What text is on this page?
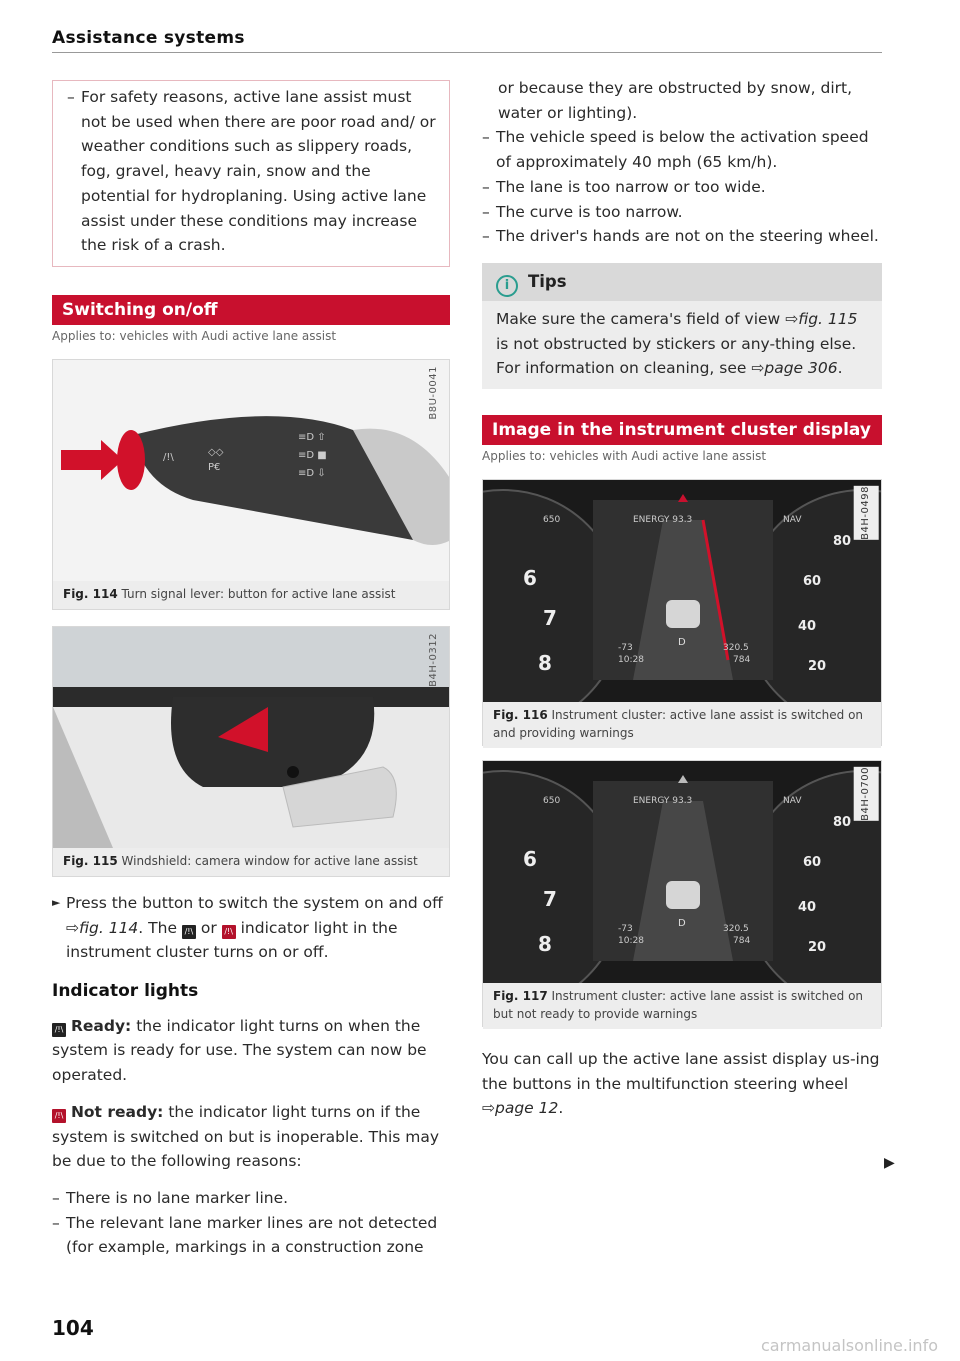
Assistance systems
– For safety reasons, active lane assist must not be used when there are poor road and/ or weather conditions such as slippery roads, fog, gravel, heavy rain, snow and the potential for hydroplaning. Using active lane assist under these conditions may increase the risk of a crash.
Switching on/off
Applies to: vehicles with Audi active lane assist
/!\	◇◇
P€
≡D ⇧
≡D ■
≡D ⇩
B8U-0041
Fig. 114 Turn signal lever: button for active lane assist
B4H-0312
Fig. 115 Windshield: camera window for active lane assist
► Press the button to switch the system on and off ⇨fig. 114. The /!\ or /!\ indicator light in the instrument cluster turns on or off.
Indicator lights

/!\ Ready: the indicator light turns on when the system is ready for use. The system can now be operated.

/!\ Not ready: the indicator light turns on if the system is switched on but is inoperable. This may be due to the following reasons:

– There is no lane marker line.
– The relevant lane marker lines are not detected (for example, markings in a construction zone
or because they are obstructed by snow, dirt, water or lighting).
– The vehicle speed is below the activation speed of approximately 40 mph (65 km/h).
– The lane is too narrow or too wide.
– The curve is too narrow.
– The driver's hands are not on the steering wheel.
i Tips
Make sure the camera's field of view ⇨fig. 115 is not obstructed by stickers or any-thing else. For information on cleaning, see ⇨page 306.
Image in the instrument cluster display
Applies to: vehicles with Audi active lane assist
650	ENERGY 93.3	NAV
-73
10:28
D	320.5
784
6
7
8
80
60
40
20
B4H-0498
Fig. 116 Instrument cluster: active lane assist is switched on and providing warnings
650	ENERGY 93.3	NAV
-73
10:28
D	320.5
784
6
7
8
80
60
40
20
B4H-0700
Fig. 117 Instrument cluster: active lane assist is switched on but not ready to provide warnings
You can call up the active lane assist display us-ing the buttons in the multifunction steering wheel ⇨page 12.
▶
104
carmanualsonline.info
